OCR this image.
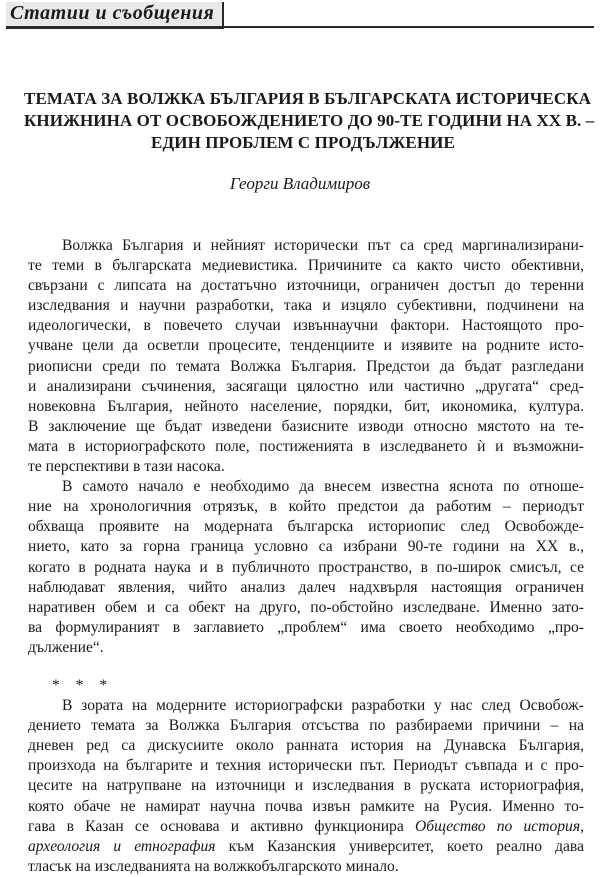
Статии и съобщения
ТЕМАТА ЗА ВОЛЖКА БЪЛГАРИЯ В БЪЛГАРСКАТА ИСТОРИЧЕСКА
КНИЖНИНА ОТ ОСВОБОЖДЕНИЕТО ДО 90-ТЕ ГОДИНИ НА XX В. –
ЕДИН ПРОБЛЕМ С ПРОДЪЛЖЕНИЕ
Георги Владимиров
Волжка България и нейният исторически път са сред маргинализирани-
те теми в българската медиевистика. Причините са както чисто обективни,
свързани с липсата на достатъчно източници, ограничен достъп до теренни
изследвания и научни разработки, така и изцяло субективни, подчинени на
идеологически, в повечето случаи извъннаучни фактори. Настоящото про-
учване цели да осветли процесите, тенденциите и изявите на родните исто-
риописни среди по темата Волжка България. Предстои да бъдат разгледани
и анализирани съчинения, засягащи цялостно или частично „другата“ сред-
новековна България, нейното население, порядки, бит, икономика, култура.
В заключение ще бъдат изведени базисните изводи относно мястото на те-
мата в историографското поле, постиженията в изследването ѝ и възможни-
те перспективи в тази насока.
В самото начало е необходимо да внесем известна яснота по отноше-
ние на хронологичния отрязък, в който предстои да работим – периодът
обхваща проявите на модерната българска историопис след Освобожде-
нието, като за горна граница условно са избрани 90-те години на XX в.,
когато в родната наука и в публичното пространство, в по-широк смисъл, се
наблюдават явления, чийто анализ далеч надхвърля настоящия ограничен
наративен обем и са обект на друго, по-обстойно изследване. Именно зато-
ва формулираният в заглавието „проблем“ има своето необходимо „про-
дължение“.
* * *
В зората на модерните историографски разработки у нас след Освобож-
дението темата за Волжка България отсъства по разбираеми причини – на
дневен ред са дискусиите около ранната история на Дунавска България,
произхода на българите и техния исторически път. Периодът съвпада и с про-
цесите на натрупване на източници и изследвания в руската историография,
която обаче не намират научна почва извън рамките на Русия. Именно то-
гава в Казан се основава и активно функционира Общество по история,
археология и етнография към Казанския университет, което реално дава
тласък на изследванията на волжкобългарското минало.
